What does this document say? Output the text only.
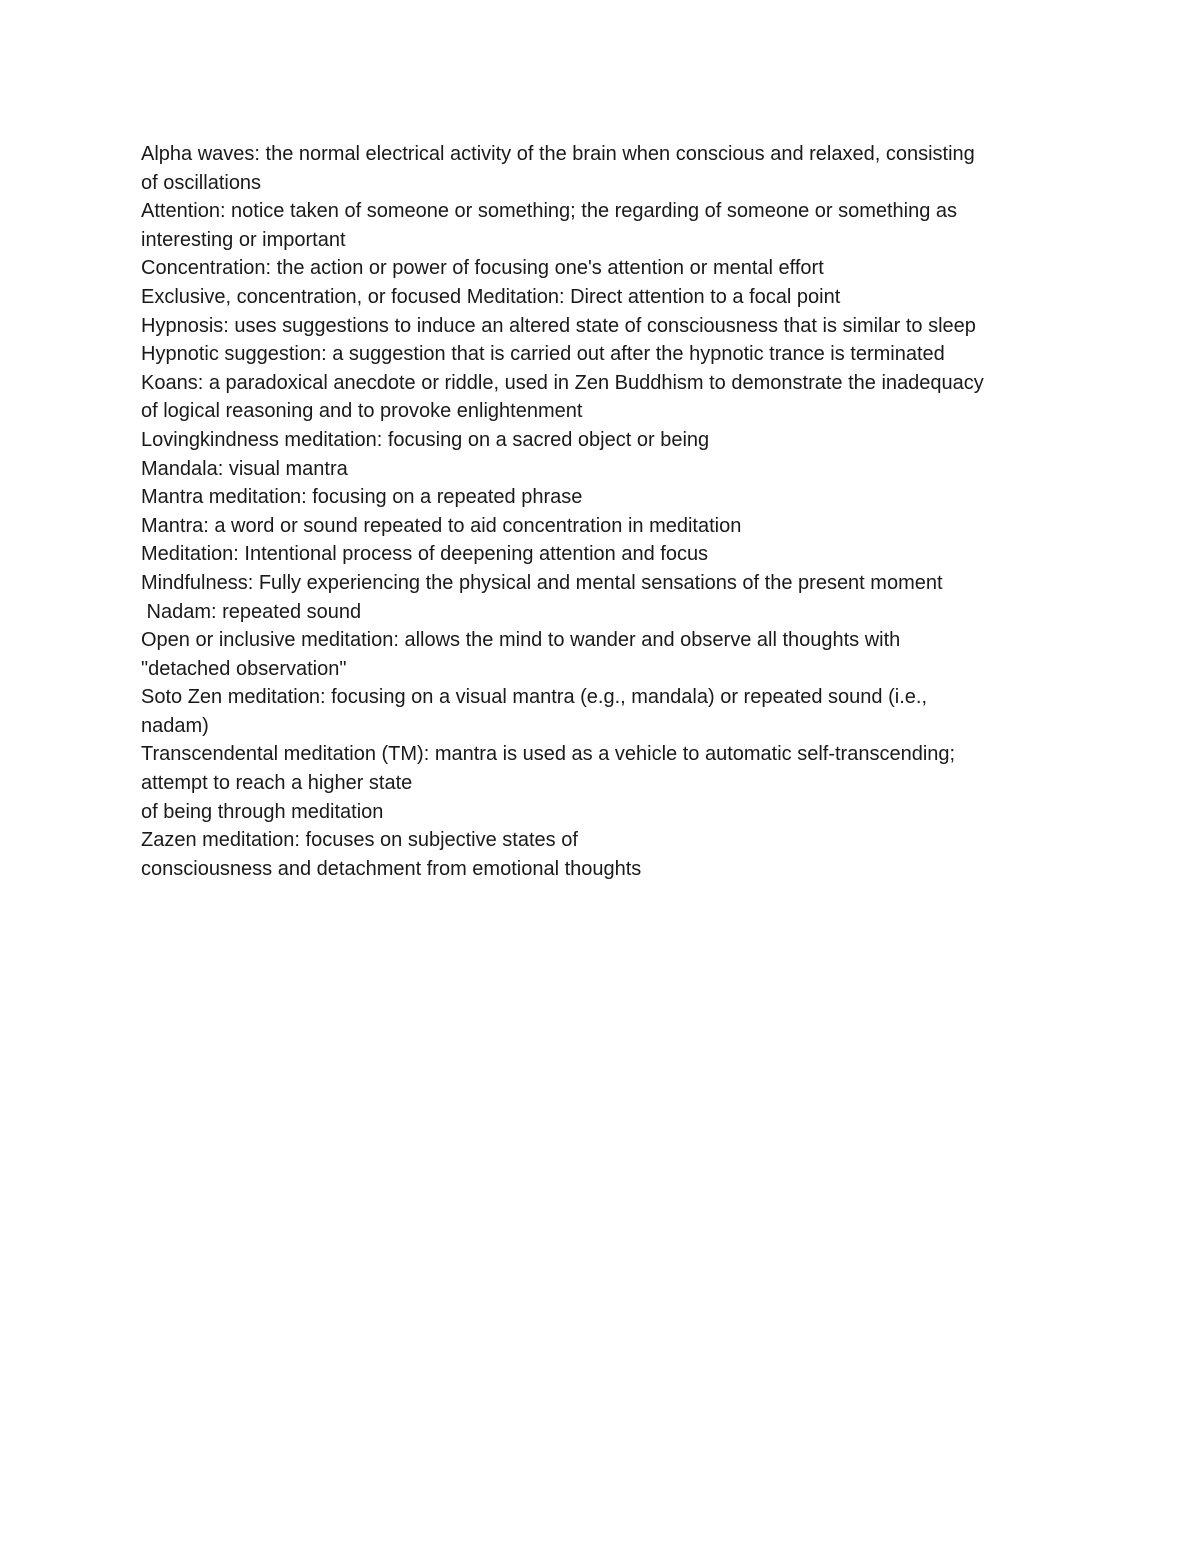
Alpha waves: the normal electrical activity of the brain when conscious and relaxed, consisting
of oscillations
Attention: notice taken of someone or something; the regarding of someone or something as
interesting or important
Concentration: the action or power of focusing one's attention or mental effort
Exclusive, concentration, or focused Meditation: Direct attention to a focal point
Hypnosis: uses suggestions to induce an altered state of consciousness that is similar to sleep
Hypnotic suggestion: a suggestion that is carried out after the hypnotic trance is terminated
Koans: a paradoxical anecdote or riddle, used in Zen Buddhism to demonstrate the inadequacy
of logical reasoning and to provoke enlightenment
Lovingkindness meditation: focusing on a sacred object or being
Mandala: visual mantra
Mantra meditation: focusing on a repeated phrase
Mantra: a word or sound repeated to aid concentration in meditation
Meditation: Intentional process of deepening attention and focus
Mindfulness: Fully experiencing the physical and mental sensations of the present moment
Nadam: repeated sound
Open or inclusive meditation: allows the mind to wander and observe all thoughts with
"detached observation"
Soto Zen meditation: focusing on a visual mantra (e.g., mandala) or repeated sound (i.e.,
nadam)
Transcendental meditation (TM): mantra is used as a vehicle to automatic self-transcending;
attempt to reach a higher state
of being through meditation
Zazen meditation: focuses on subjective states of
consciousness and detachment from emotional thoughts
